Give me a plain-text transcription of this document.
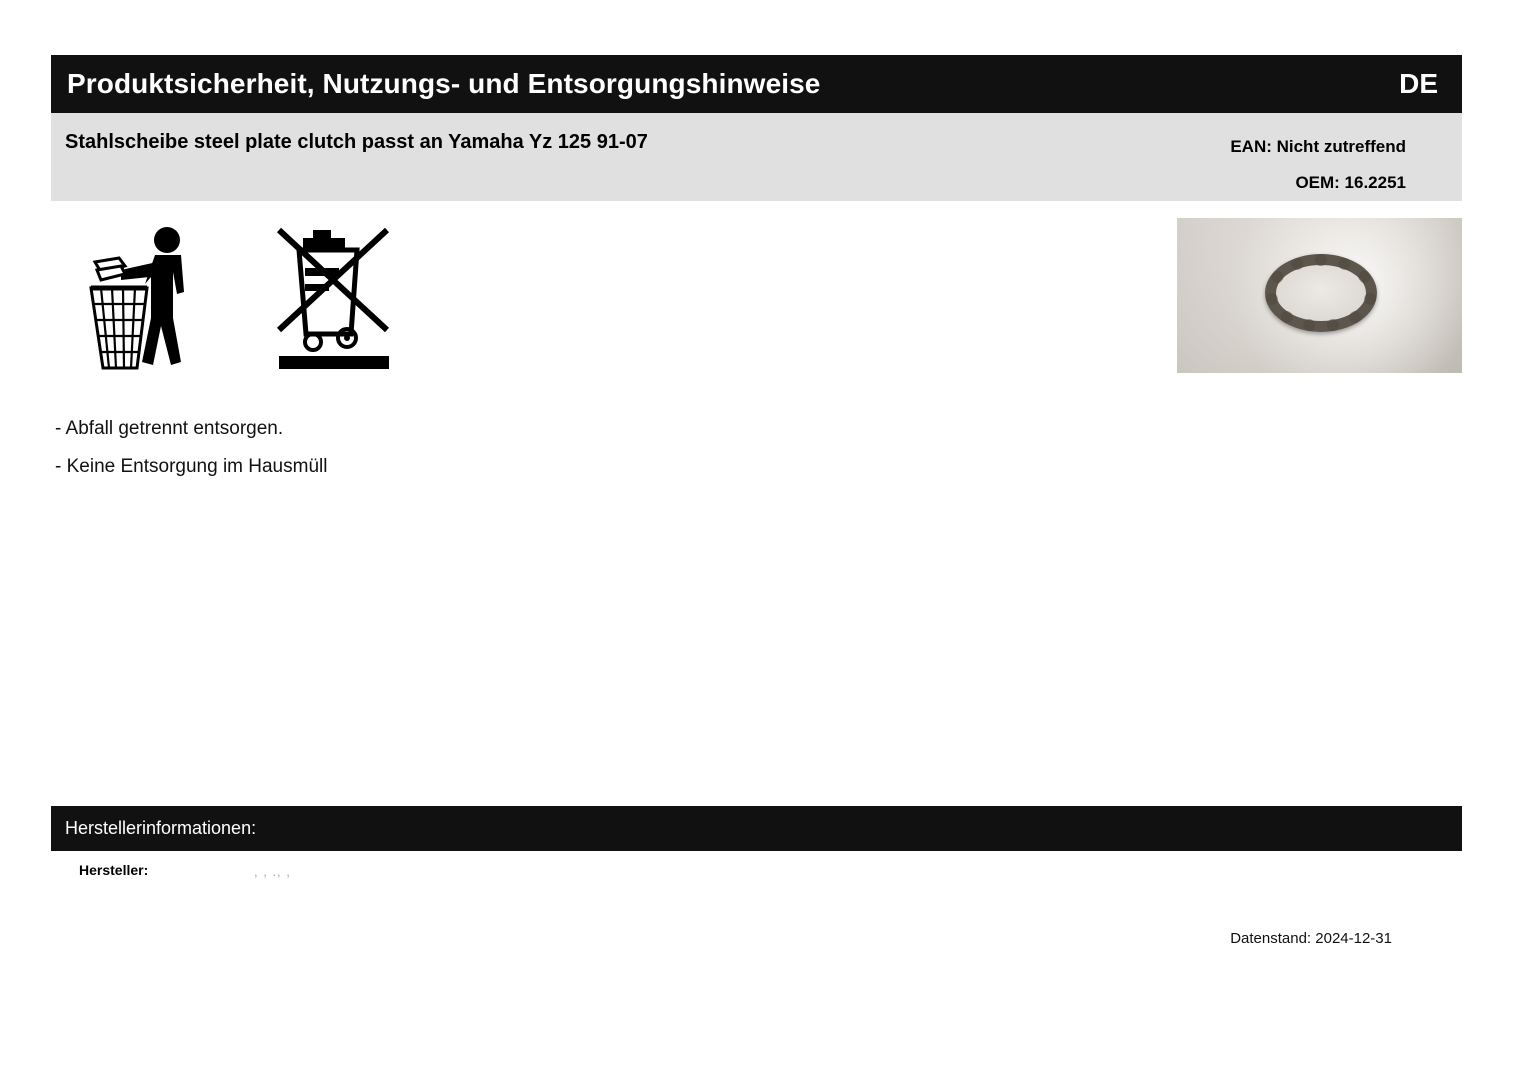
Produktsicherheit, Nutzungs- und Entsorgungshinweise	DE
Stahlscheibe steel plate clutch passt an Yamaha Yz 125 91-07	EAN: Nicht zutreffend
OEM: 16.2251
- Abfall getrennt entsorgen.
- Keine Entsorgung im Hausmüll
Herstellerinformationen:
Hersteller:	, , ., ,
Datenstand: 2024-12-31
